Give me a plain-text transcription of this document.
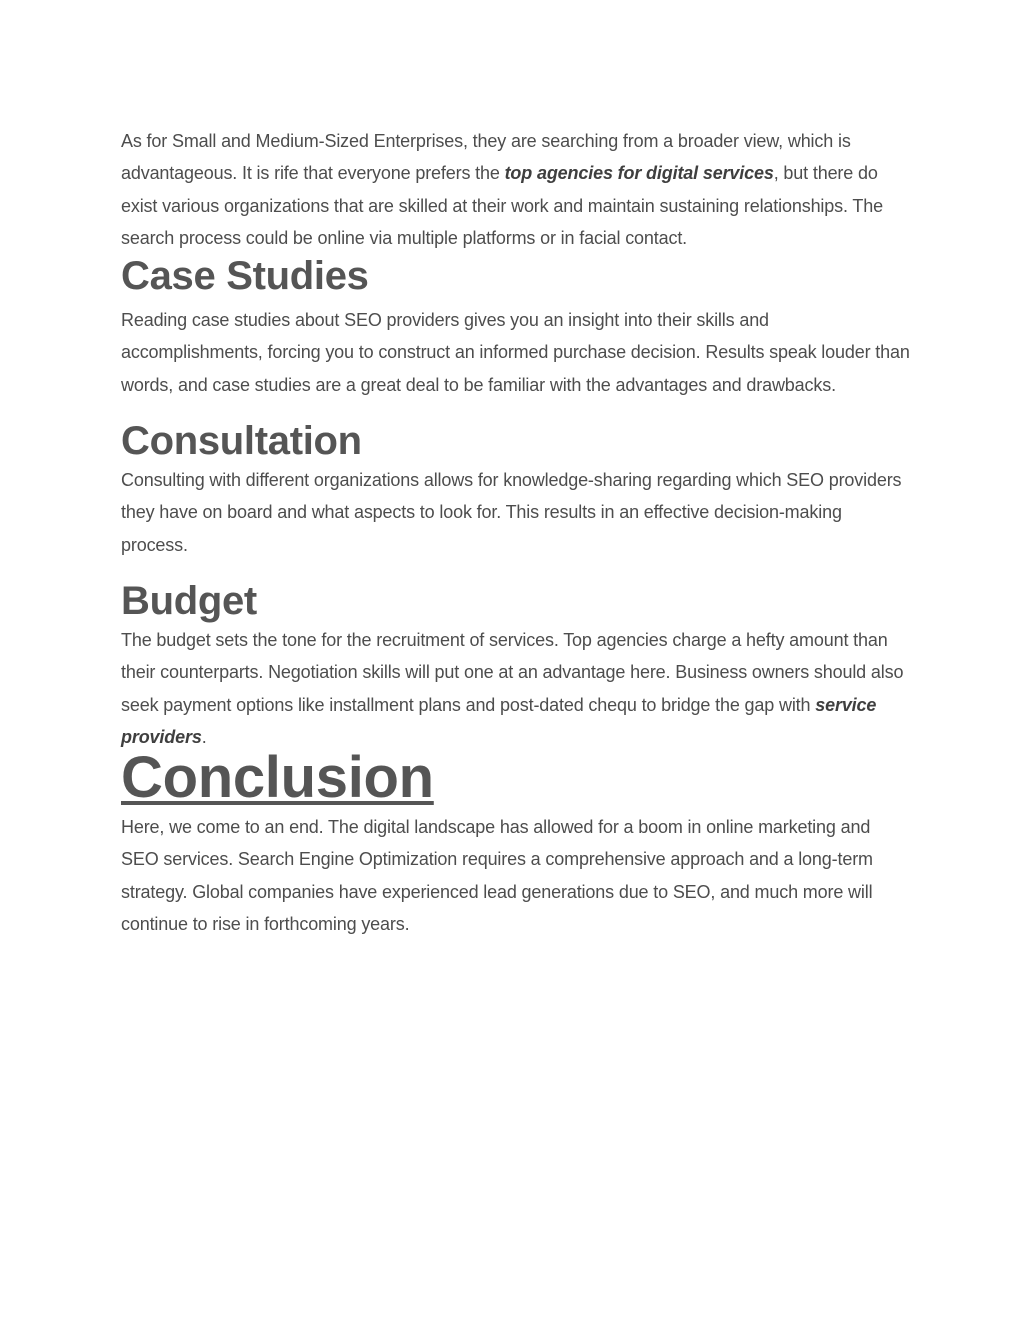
As for Small and Medium-Sized Enterprises, they are searching from a broader view, which is advantageous. It is rife that everyone prefers the top agencies for digital services, but there do exist various organizations that are skilled at their work and maintain sustaining relationships. The search process could be online via multiple platforms or in facial contact.

Case Studies

Reading case studies about SEO providers gives you an insight into their skills and accomplishments, forcing you to construct an informed purchase decision. Results speak louder than words, and case studies are a great deal to be familiar with the advantages and drawbacks.

Consultation

Consulting with different organizations allows for knowledge-sharing regarding which SEO providers they have on board and what aspects to look for. This results in an effective decision-making process.

Budget

The budget sets the tone for the recruitment of services. Top agencies charge a hefty amount than their counterparts. Negotiation skills will put one at an advantage here. Business owners should also seek payment options like installment plans and post-dated chequ to bridge the gap with service providers.

Conclusion

Here, we come to an end. The digital landscape has allowed for a boom in online marketing and SEO services. Search Engine Optimization requires a comprehensive approach and a long-term strategy. Global companies have experienced lead generations due to SEO, and much more will continue to rise in forthcoming years.
